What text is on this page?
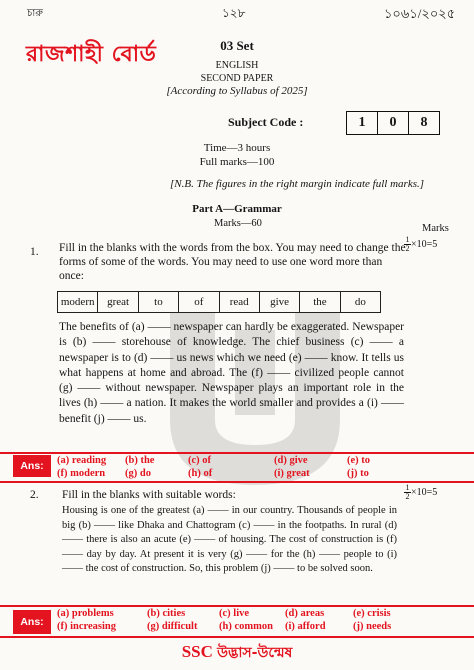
চারু	১২৮	১০৬১/২০২৫
রাজশাহী বোর্ড	03 Set
ENGLISH
SECOND PAPER
[According to Syllabus of 2025]
Subject Code :	1	0	8
Time—3 hours
Full marks—100
[N.B. The figures in the right margin indicate full marks.]
Part A—Grammar
Marks—60	Marks
1.	$\frac{1}{2} \times 10=5$
Fill in the blanks with the words from the box. You may need to change the forms of some of the words. You may need to use one word more than once:
modern	great	to	of	read	give	the	do
The benefits of (a) —— newspaper can hardly be exaggerated. Newspaper is (b) —— storehouse of knowledge. The chief business (c) —— a newspaper is to (d) —— us news which we need (e) —— know. It tells us what happens at home and abroad. The (f) —— civilized people cannot (g) —— without newspaper. Newspaper plays an important role in the lives (h) —— a nation. It makes the world smaller and provides a (i) —— benefit (j) —— us.
Ans:	(a) reading	(b) the	(c) of	(d) give	(e) to
(f) modern	(g) do	(h) of	(i) great	(j) to
2.	$\frac{1}{2} \times 10=5$
Fill in the blanks with suitable words:
Housing is one of the greatest (a) —— in our country. Thousands of people in big (b) —— like Dhaka and Chattogram (c) —— in the footpaths. In rural (d) —— there is also an acute (e) —— of housing. The cost of construction is (f) —— day by day. At present it is very (g) —— for the (h) —— people to (i) —— the cost of construction. So, this problem (j) —— to be solved soon.
Ans:
(a) problems	(b) cities	(c) live	(d) areas	(e) crisis
(f) increasing	(g) difficult	(h) common	(i) afford	(j) needs
SSC উদ্ভাস-উন্মেষ
